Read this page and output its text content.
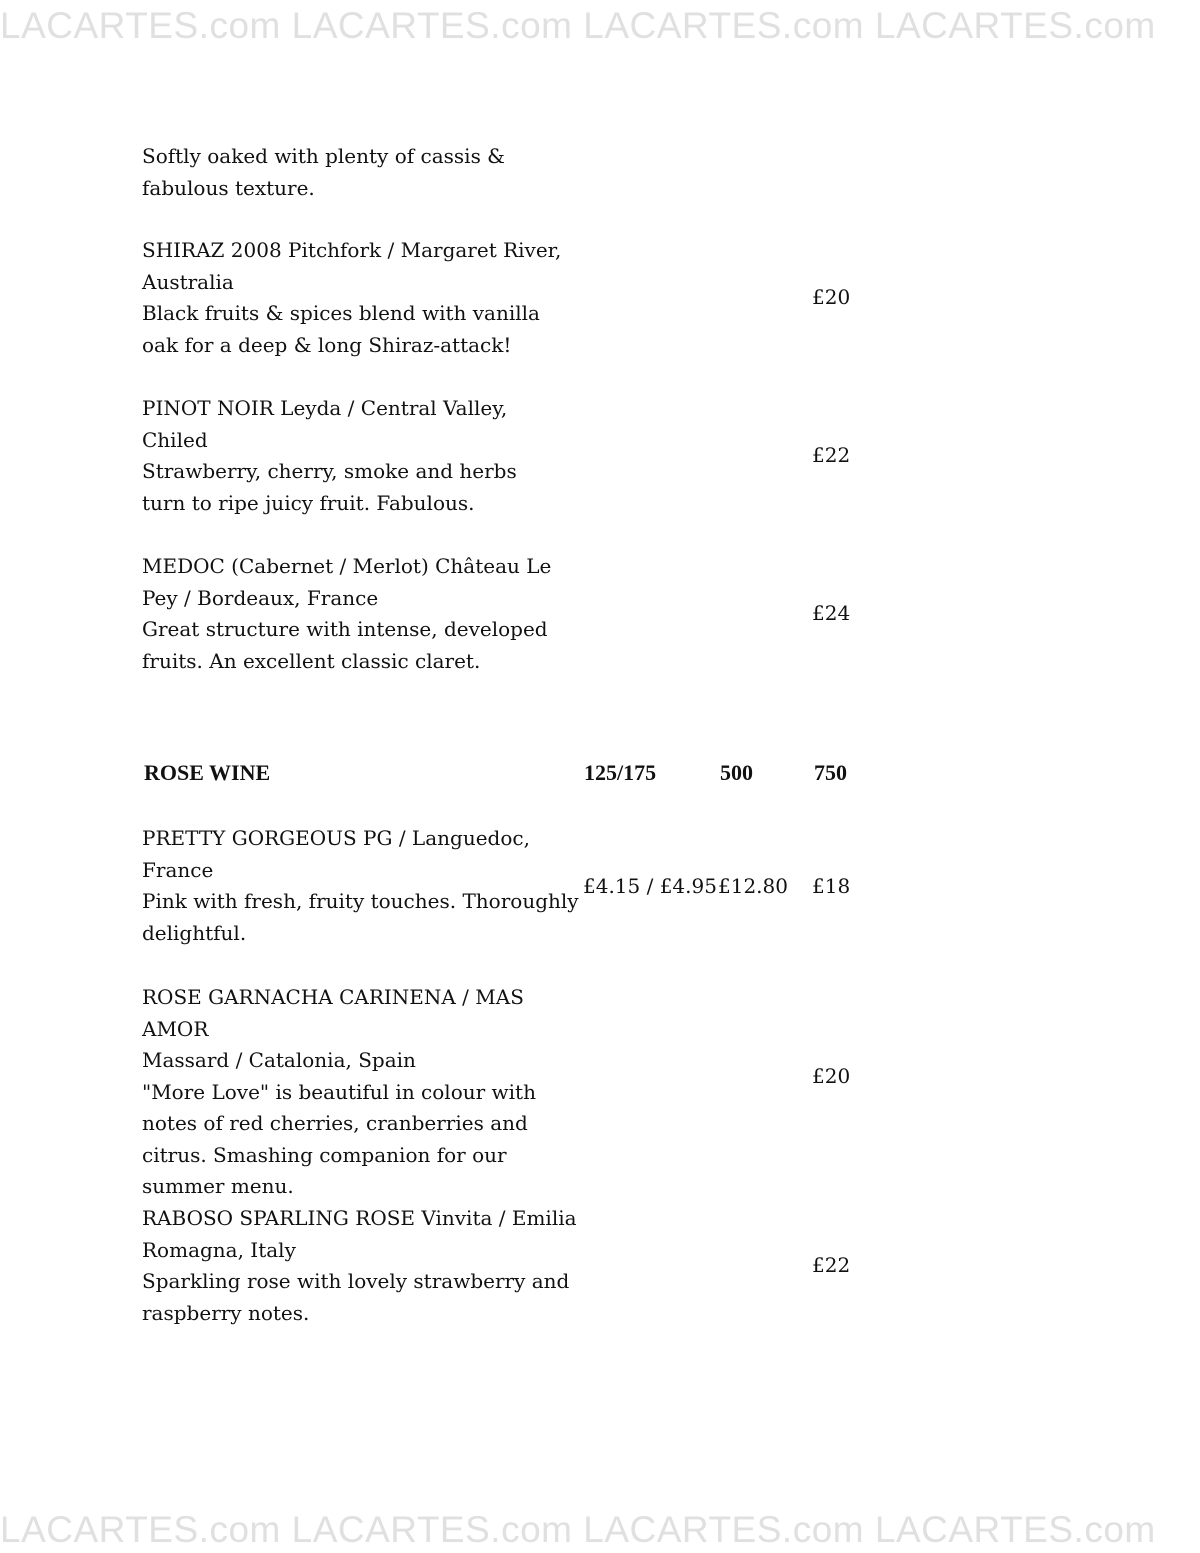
LACARTES.com LACARTES.com LACARTES.com LACARTES.com
Softly oaked with plenty of cassis &
fabulous texture.
SHIRAZ 2008 Pitchfork / Margaret River,
Australia
Black fruits & spices blend with vanilla
oak for a deep & long Shiraz-attack!
£20
PINOT NOIR Leyda / Central Valley,
Chiled
Strawberry, cherry, smoke and herbs
turn to ripe juicy fruit. Fabulous.
£22
MEDOC (Cabernet / Merlot) Château Le
Pey / Bordeaux, France
Great structure with intense, developed
fruits. An excellent classic claret.
£24
ROSE WINE	125/175	500	750
PRETTY GORGEOUS PG / Languedoc,
France
Pink with fresh, fruity touches. Thoroughly
delightful.
£4.15 / £4.95 £12.80 £18
ROSE GARNACHA CARINENA / MAS AMOR
Massard / Catalonia, Spain
"More Love" is beautiful in colour with
notes of red cherries, cranberries and
citrus. Smashing companion for our
summer menu.
£20
RABOSO SPARLING ROSE Vinvita / Emilia
Romagna, Italy
Sparkling rose with lovely strawberry and
raspberry notes.
£22
LACARTES.com LACARTES.com LACARTES.com LACARTES.com
